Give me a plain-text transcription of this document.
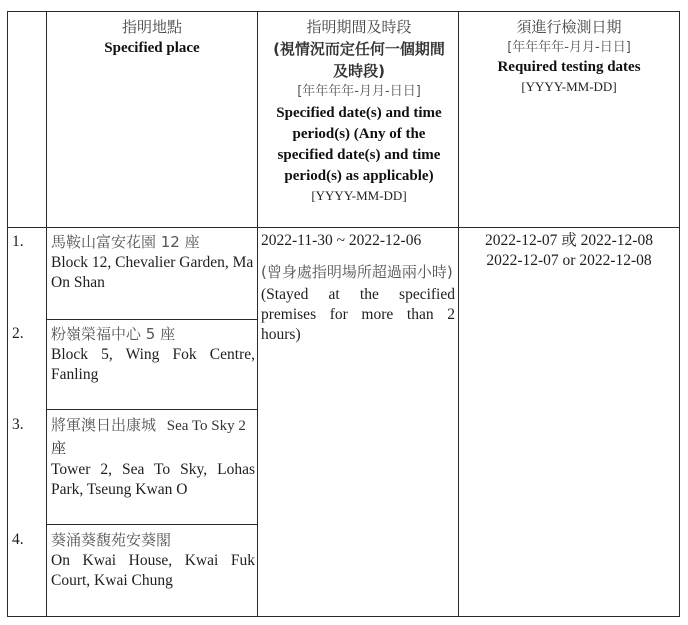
指明地點
Specified place
指明期間及時段
(視情況而定任何一個期間及時段)
[年年年年-月月-日日]
Specified date(s) and time period(s) (Any of the specified date(s) and time period(s) as applicable)
[YYYY-MM-DD]
須進行檢測日期
[年年年年-月月-日日]
Required testing dates
[YYYY-MM-DD]
1. 馬鞍山富安花園 12 座
Block 12, Chevalier Garden, Ma On Shan
2. 粉嶺榮福中心 5 座
Block 5, Wing Fok Centre, Fanling
3. 將軍澳日出康城 Sea To Sky 2 座
Tower 2, Sea To Sky, Lohas Park, Tseung Kwan O
4. 葵涌葵馥苑安葵閣
On Kwai House, Kwai Fuk Court, Kwai Chung
2022-11-30 ~ 2022-12-06
(曾身處指明場所超過兩小時)
(Stayed at the specified premises for more than 2 hours)
2022-12-07 或 2022-12-08
2022-12-07 or 2022-12-08
